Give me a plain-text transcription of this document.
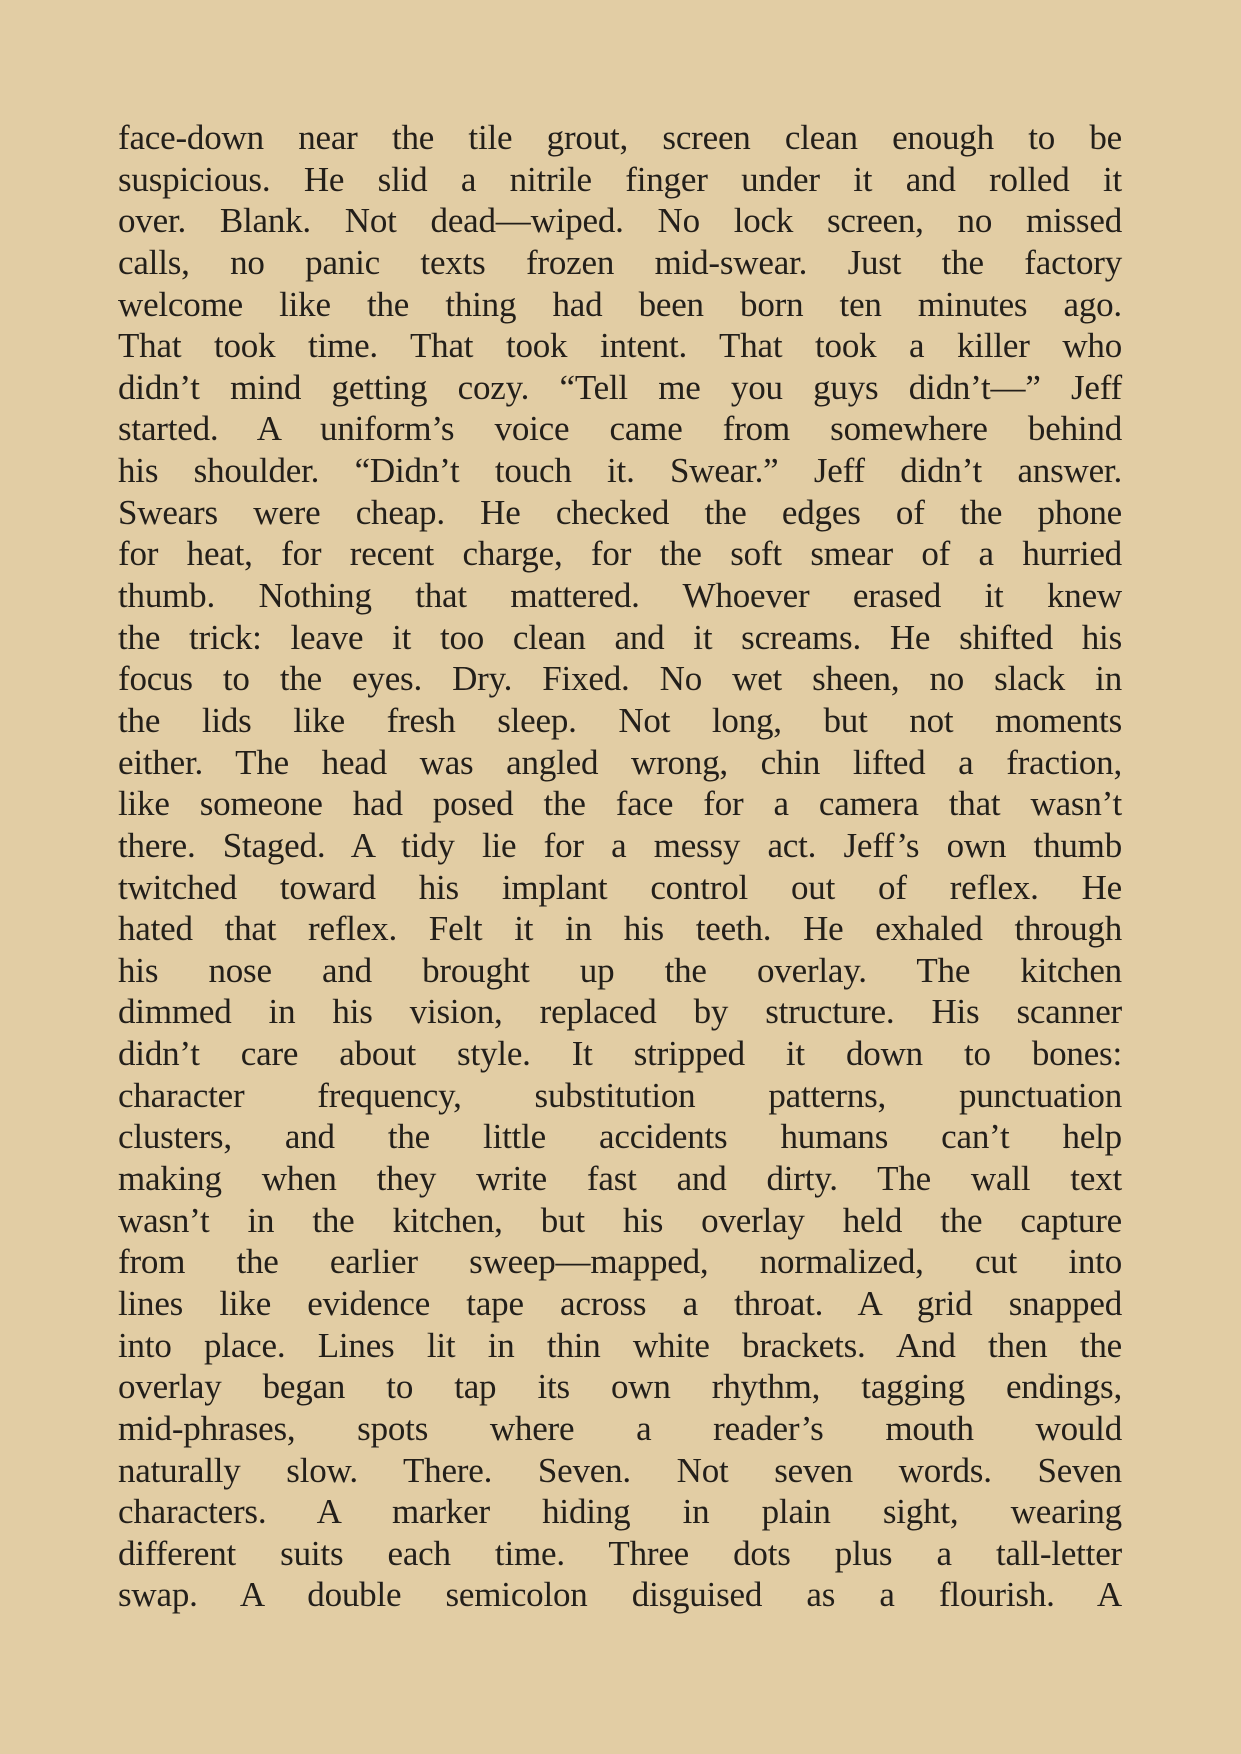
face-down near the tile grout, screen clean enough to be
suspicious. He slid a nitrile finger under it and rolled it
over. Blank. Not dead—wiped. No lock screen, no missed
calls, no panic texts frozen mid-swear. Just the factory
welcome like the thing had been born ten minutes ago.
That took time. That took intent. That took a killer who
didn’t mind getting cozy. “Tell me you guys didn’t—” Jeff
started. A uniform’s voice came from somewhere behind
his shoulder. “Didn’t touch it. Swear.” Jeff didn’t answer.
Swears were cheap. He checked the edges of the phone
for heat, for recent charge, for the soft smear of a hurried
thumb. Nothing that mattered. Whoever erased it knew
the trick: leave it too clean and it screams. He shifted his
focus to the eyes. Dry. Fixed. No wet sheen, no slack in
the lids like fresh sleep. Not long, but not moments
either. The head was angled wrong, chin lifted a fraction,
like someone had posed the face for a camera that wasn’t
there. Staged. A tidy lie for a messy act. Jeff’s own thumb
twitched toward his implant control out of reflex. He
hated that reflex. Felt it in his teeth. He exhaled through
his nose and brought up the overlay. The kitchen
dimmed in his vision, replaced by structure. His scanner
didn’t care about style. It stripped it down to bones:
character frequency, substitution patterns, punctuation
clusters, and the little accidents humans can’t help
making when they write fast and dirty. The wall text
wasn’t in the kitchen, but his overlay held the capture
from the earlier sweep—mapped, normalized, cut into
lines like evidence tape across a throat. A grid snapped
into place. Lines lit in thin white brackets. And then the
overlay began to tap its own rhythm, tagging endings,
mid-phrases, spots where a reader’s mouth would
naturally slow. There. Seven. Not seven words. Seven
characters. A marker hiding in plain sight, wearing
different suits each time. Three dots plus a tall-letter
swap. A double semicolon disguised as a flourish. A
